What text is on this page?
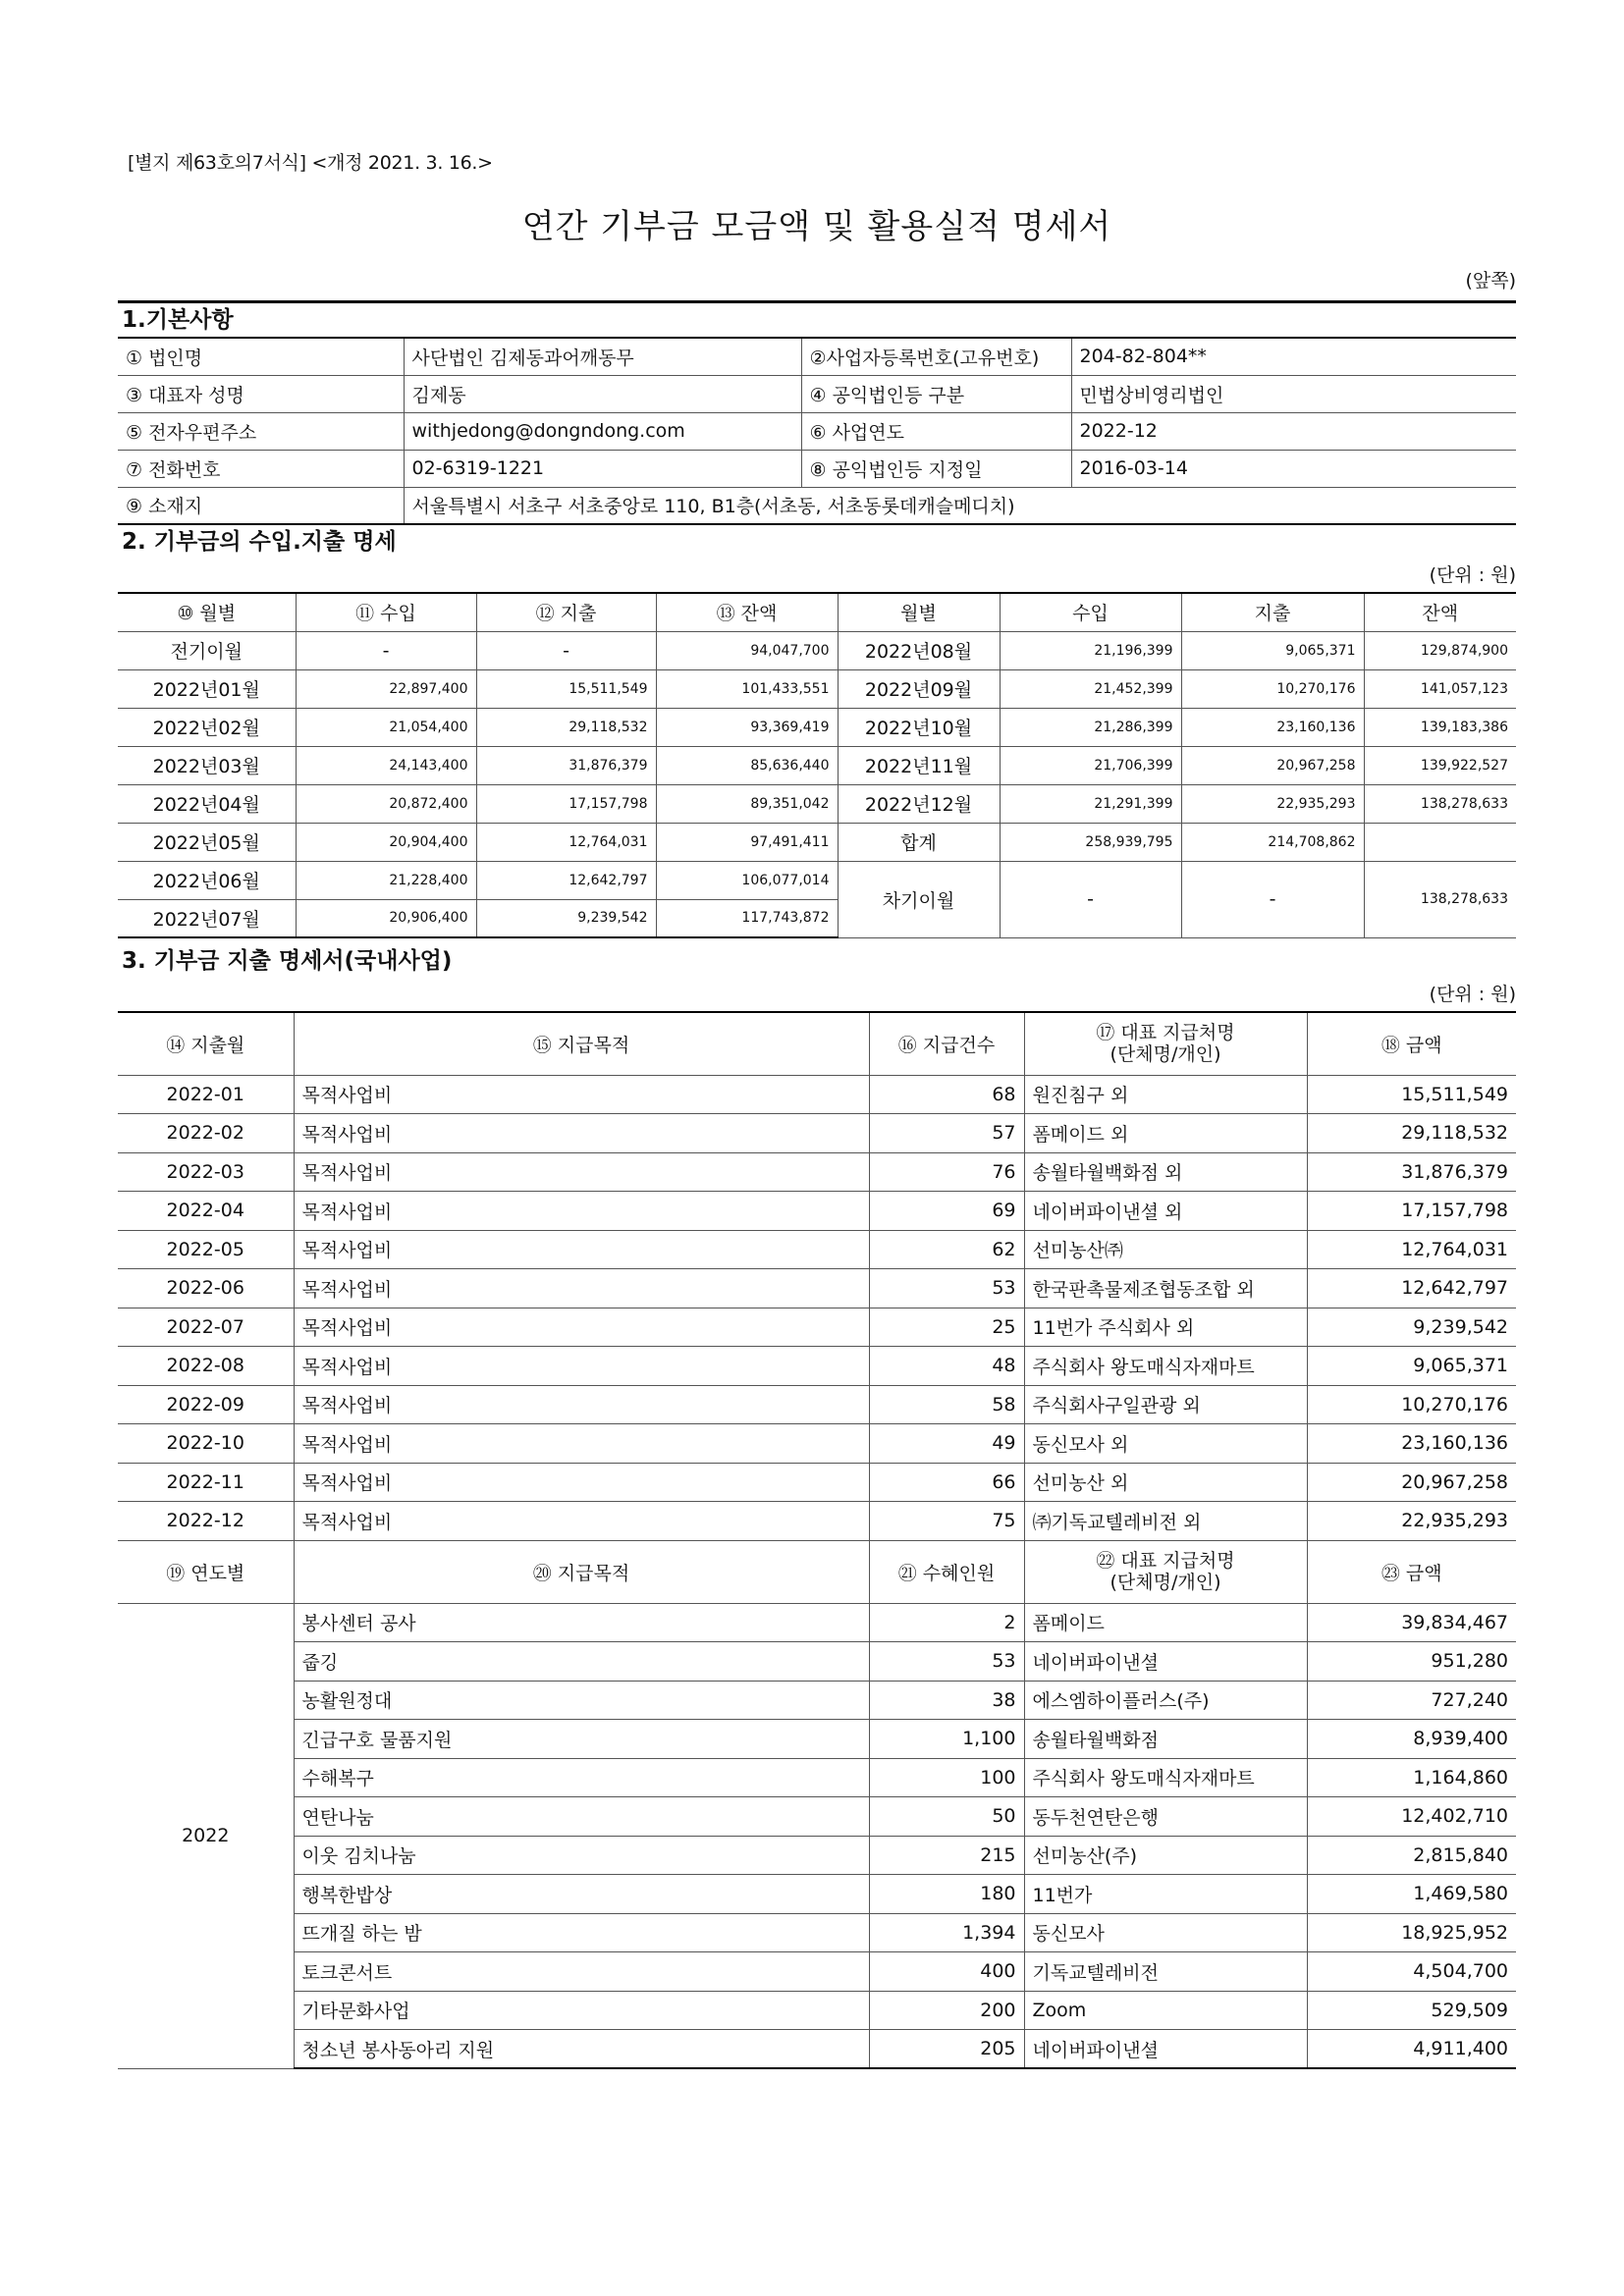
[별지 제63호의7서식] <개정 2021. 3. 16.>
연간 기부금 모금액 및 활용실적 명세서
(앞쪽)
1.기본사항
① 법인명	사단법인 김제동과어깨동무	②사업자등록번호(고유번호)	204-82-804**
③ 대표자 성명	김제동	④ 공익법인등 구분	민법상비영리법인
⑤ 전자우편주소	withjedong@dongndong.com	⑥ 사업연도	2022-12
⑦ 전화번호	02-6319-1221	⑧ 공익법인등 지정일	2016-03-14
⑨ 소재지	서울특별시 서초구 서초중앙로 110, B1층(서초동, 서초동롯데캐슬메디치)		
2. 기부금의 수입.지출 명세
(단위 : 원)
⑩ 월별	⑪ 수입	⑫ 지출	⑬ 잔액	월별	수입	지출	잔액
전기이월	-	-	94,047,700	2022년08월	21,196,399	9,065,371	129,874,900
2022년01월	22,897,400	15,511,549	101,433,551	2022년09월	21,452,399	10,270,176	141,057,123
2022년02월	21,054,400	29,118,532	93,369,419	2022년10월	21,286,399	23,160,136	139,183,386
2022년03월	24,143,400	31,876,379	85,636,440	2022년11월	21,706,399	20,967,258	139,922,527
2022년04월	20,872,400	17,157,798	89,351,042	2022년12월	21,291,399	22,935,293	138,278,633
2022년05월	20,904,400	12,764,031	97,491,411	합계	258,939,795	214,708,862	
2022년06월	21,228,400	12,642,797	106,077,014	차기이월	-	-	138,278,633
2022년07월	20,906,400	9,239,542	117,743,872				
3. 기부금 지출 명세서(국내사업)
(단위 : 원)
⑭ 지출월	⑮ 지급목적	⑯ 지급건수	⑰ 대표 지급처명
(단체명/개인)	⑱ 금액
2022-01	목적사업비	68	원진침구 외	15,511,549
2022-02	목적사업비	57	폼메이드 외	29,118,532
2022-03	목적사업비	76	송월타월백화점 외	31,876,379
2022-04	목적사업비	69	네이버파이낸셜 외	17,157,798
2022-05	목적사업비	62	선미농산㈜	12,764,031
2022-06	목적사업비	53	한국판촉물제조협동조합 외	12,642,797
2022-07	목적사업비	25	11번가 주식회사 외	9,239,542
2022-08	목적사업비	48	주식회사 왕도매식자재마트	9,065,371
2022-09	목적사업비	58	주식회사구일관광 외	10,270,176
2022-10	목적사업비	49	동신모사 외	23,160,136
2022-11	목적사업비	66	선미농산 외	20,967,258
2022-12	목적사업비	75	㈜기독교텔레비전 외	22,935,293
⑲ 연도별	⑳ 지급목적	㉑ 수혜인원	㉒ 대표 지급처명
(단체명/개인)	㉓ 금액
2022	봉사센터 공사	2	폼메이드	39,834,467
	줍깅	53	네이버파이낸셜	951,280
	농활원정대	38	에스엠하이플러스(주)	727,240
	긴급구호 물품지원	1,100	송월타월백화점	8,939,400
	수해복구	100	주식회사 왕도매식자재마트	1,164,860
	연탄나눔	50	동두천연탄은행	12,402,710
	이웃 김치나눔	215	선미농산(주)	2,815,840
	행복한밥상	180	11번가	1,469,580
	뜨개질 하는 밤	1,394	동신모사	18,925,952
	토크콘서트	400	기독교텔레비전	4,504,700
	기타문화사업	200	Zoom	529,509
	청소년 봉사동아리 지원	205	네이버파이낸셜	4,911,400
